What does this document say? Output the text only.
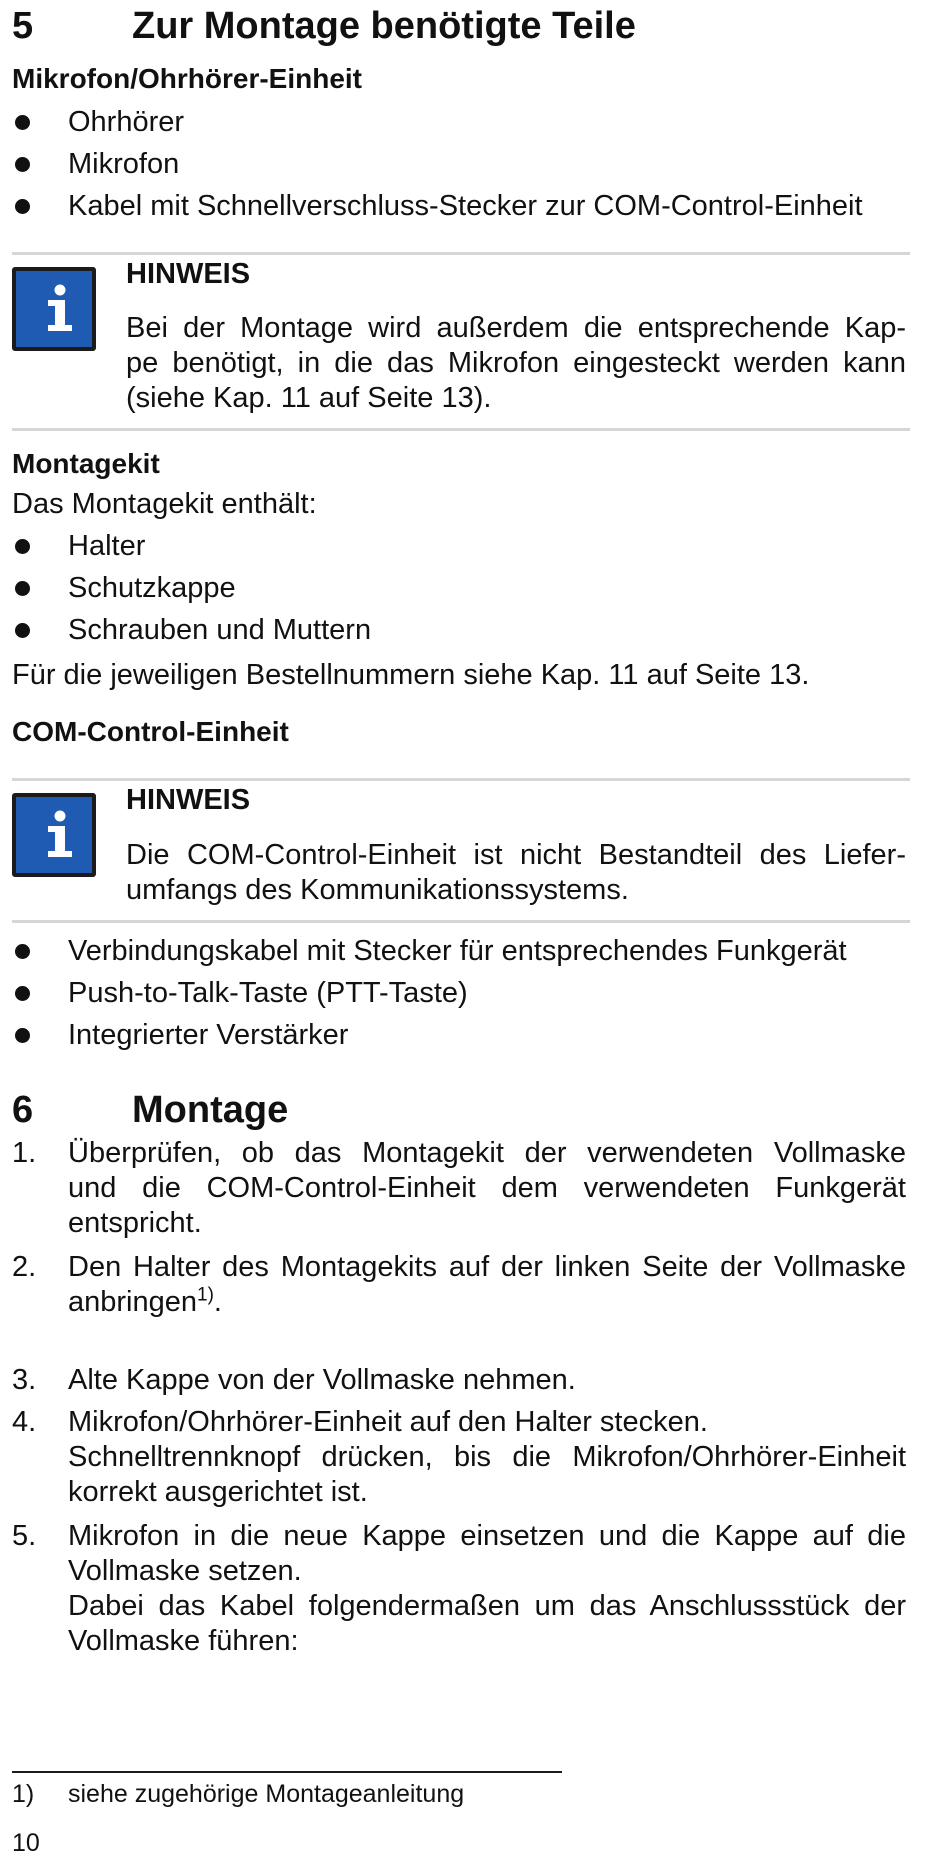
5	Zur Montage benötigte Teile
Mikrofon/Ohrhörer-Einheit
Ohrhörer
Mikrofon
Kabel mit Schnellverschluss-Stecker zur COM-Control-Einheit
HINWEIS
Bei der Montage wird außerdem die entsprechende Kap-
pe benötigt, in die das Mikrofon eingesteckt werden kann
(siehe Kap. 11 auf Seite 13).
Montagekit
Das Montagekit enthält:
Halter
Schutzkappe
Schrauben und Muttern
Für die jeweiligen Bestellnummern siehe Kap. 11 auf Seite 13.
COM-Control-Einheit
HINWEIS
Die COM-Control-Einheit ist nicht Bestandteil des Liefer-
umfangs des Kommunikationssystems.
Verbindungskabel mit Stecker für entsprechendes Funkgerät
Push-to-Talk-Taste (PTT-Taste)
Integrierter Verstärker
6	Montage
1. Überprüfen, ob das Montagekit der verwendeten Vollmaske
und die COM-Control-Einheit dem verwendeten Funkgerät
entspricht.
2. Den Halter des Montagekits auf der linken Seite der Vollmaske
anbringen$^{1)}$.
3. Alte Kappe von der Vollmaske nehmen.
4. Mikrofon/Ohrhörer-Einheit auf den Halter stecken.
Schnelltrennknopf drücken, bis die Mikrofon/Ohrhörer-Einheit
korrekt ausgerichtet ist.
5. Mikrofon in die neue Kappe einsetzen und die Kappe auf die
Vollmaske setzen.
Dabei das Kabel folgendermaßen um das Anschlussstück der
Vollmaske führen:
1) siehe zugehörige Montageanleitung
10
